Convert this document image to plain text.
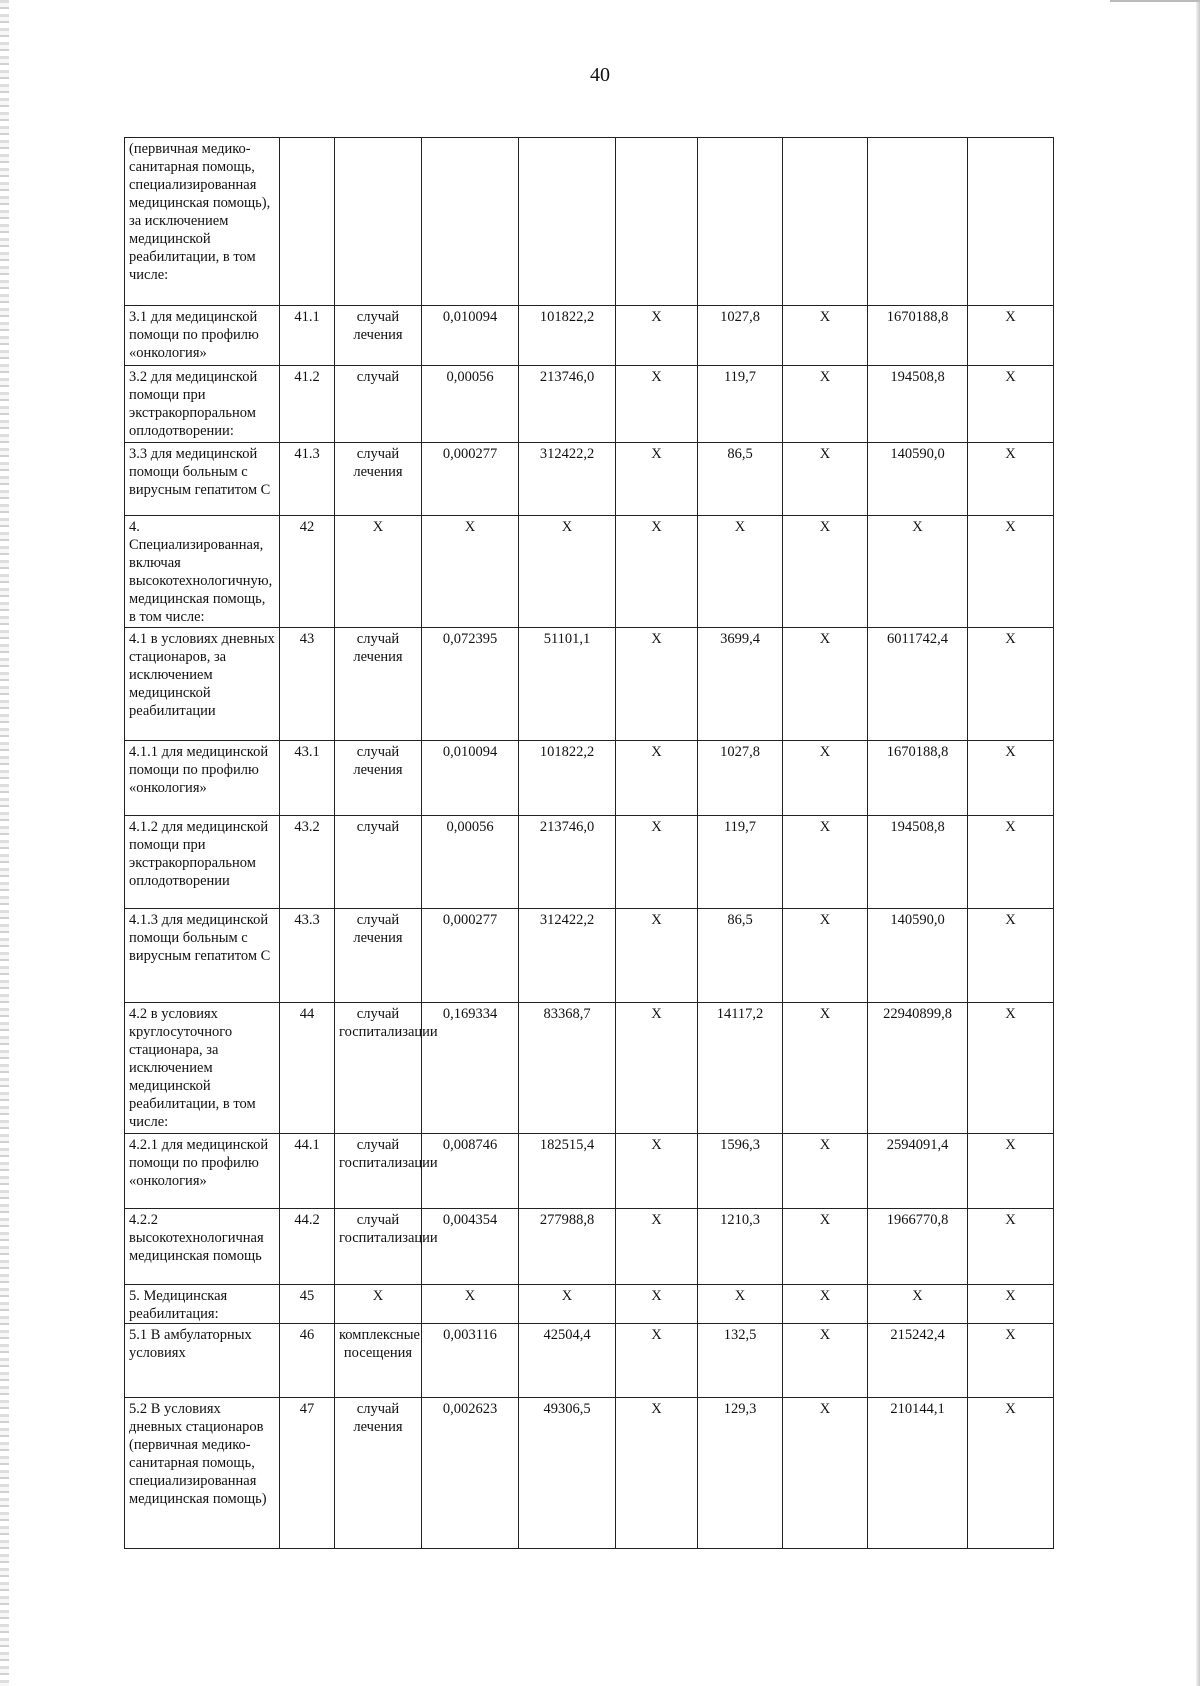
40
(первичная медико-санитарная помощь, специализированная медицинская помощь), за исключением медицинской реабилитации, в том числе:									
3.1 для медицинской помощи по профилю «онкология»	41.1	случай лечения	0,010094	101822,2	X	1027,8	X	1670188,8	X
3.2 для медицинской помощи при экстракорпоральном оплодотворении:	41.2	случай	0,00056	213746,0	X	119,7	X	194508,8	X
3.3 для медицинской помощи больным с вирусным гепатитом С	41.3	случай лечения	0,000277	312422,2	X	86,5	X	140590,0	X
4. Специализированная, включая высокотехнологичную, медицинская помощь, в том числе:	42	X	X	X	X	X	X	X	X
4.1 в условиях дневных стационаров, за исключением медицинской реабилитации	43	случай лечения	0,072395	51101,1	X	3699,4	X	6011742,4	X
4.1.1 для медицинской помощи по профилю «онкология»	43.1	случай лечения	0,010094	101822,2	X	1027,8	X	1670188,8	X
4.1.2 для медицинской помощи при экстракорпоральном оплодотворении	43.2	случай	0,00056	213746,0	X	119,7	X	194508,8	X
4.1.3 для медицинской помощи больным с вирусным гепатитом С	43.3	случай лечения	0,000277	312422,2	X	86,5	X	140590,0	X
4.2 в условиях круглосуточного стационара, за исключением медицинской реабилитации, в том числе:	44	случай госпитализации	0,169334	83368,7	X	14117,2	X	22940899,8	X
4.2.1 для медицинской помощи по профилю «онкология»	44.1	случай госпитализации	0,008746	182515,4	X	1596,3	X	2594091,4	X
4.2.2 высокотехнологичная медицинская помощь	44.2	случай госпитализации	0,004354	277988,8	X	1210,3	X	1966770,8	X
5. Медицинская реабилитация:	45	X	X	X	X	X	X	X	X
5.1 В амбулаторных условиях	46	комплексные посещения	0,003116	42504,4	X	132,5	X	215242,4	X
5.2 В условиях дневных стационаров (первичная медико-санитарная помощь, специализированная медицинская помощь)	47	случай лечения	0,002623	49306,5	X	129,3	X	210144,1	X
